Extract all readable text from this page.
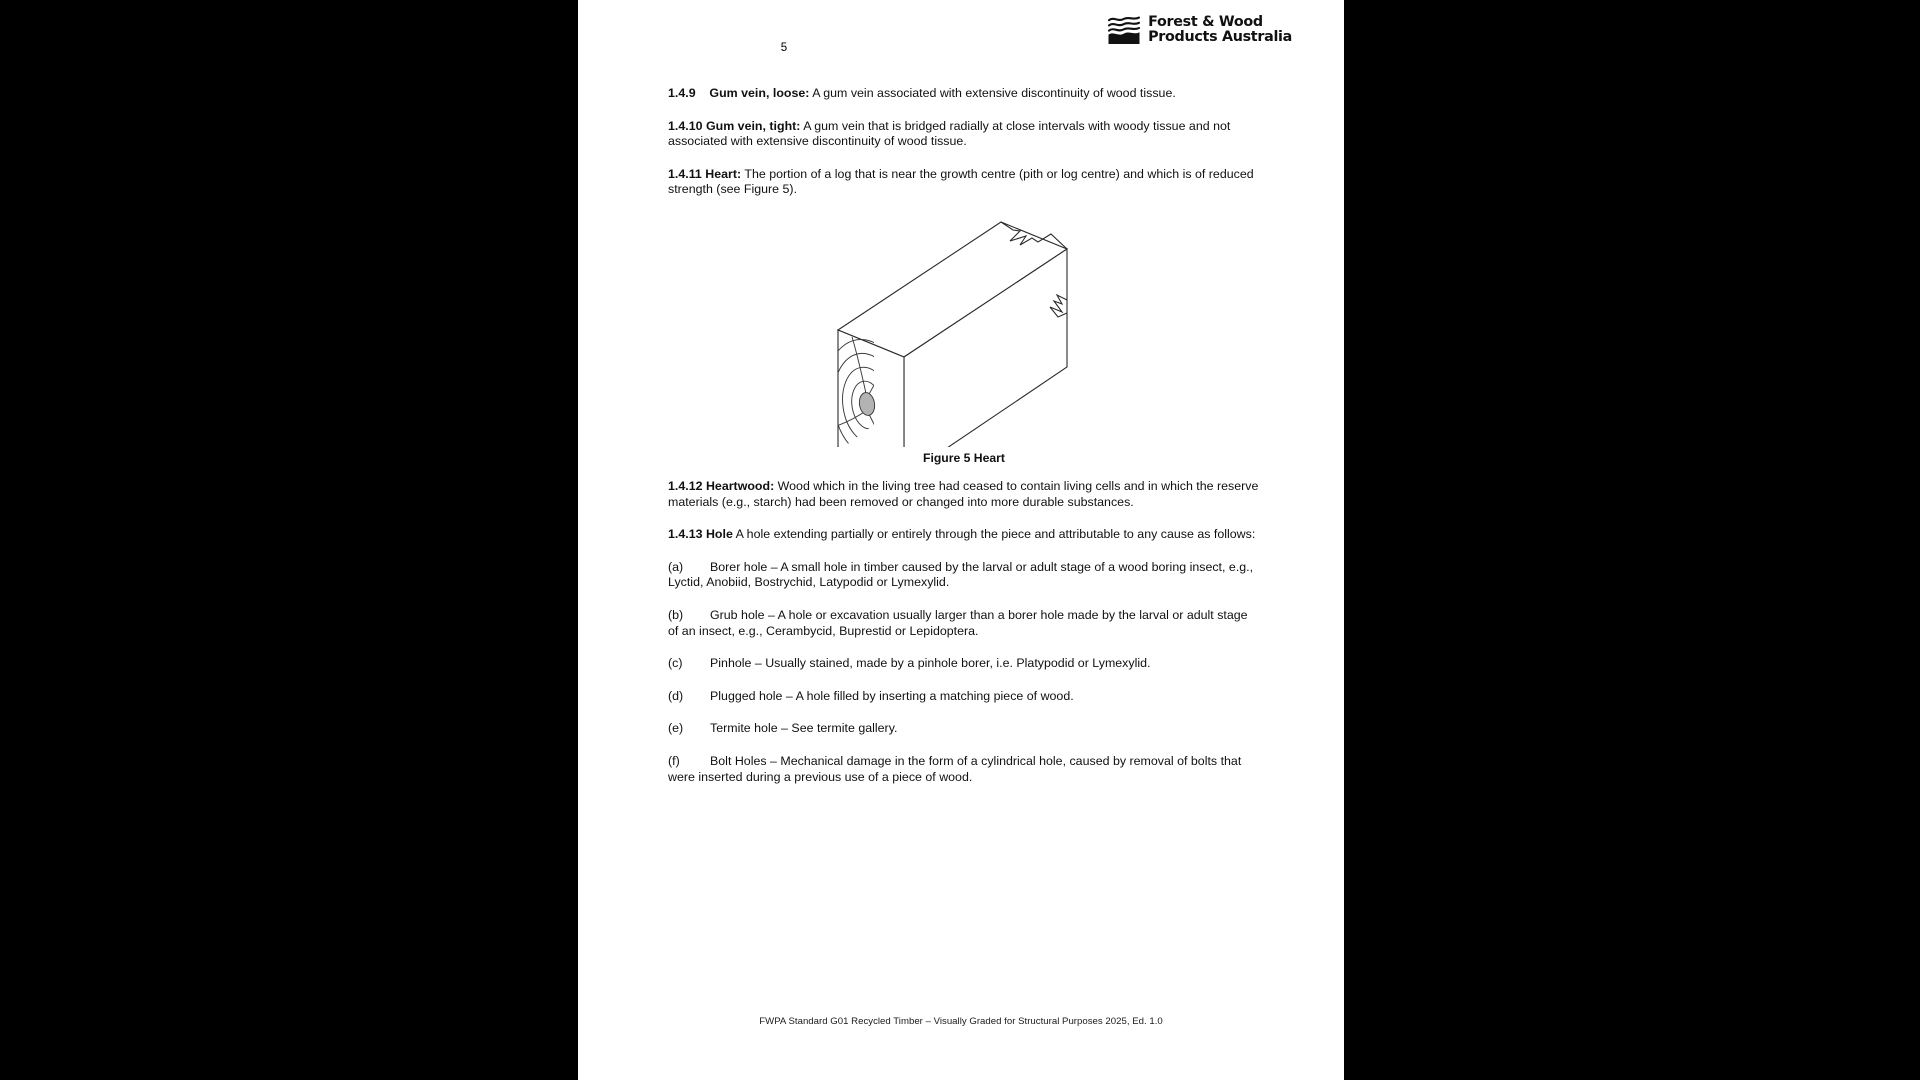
5
Forest & Wood
Products Australia

1.4.9 Gum vein, loose: A gum vein associated with extensive discontinuity of wood tissue.

1.4.10 Gum vein, tight: A gum vein that is bridged radially at close intervals with woody tissue and not associated with extensive discontinuity of wood tissue.

1.4.11 Heart: The portion of a log that is near the growth centre (pith or log centre) and which is of reduced strength (see Figure 5).

Figure 5 Heart

1.4.12 Heartwood: Wood which in the living tree had ceased to contain living cells and in which the reserve materials (e.g., starch) had been removed or changed into more durable substances.

1.4.13 Hole A hole extending partially or entirely through the piece and attributable to any cause as follows:

(a) Borer hole – A small hole in timber caused by the larval or adult stage of a wood boring insect, e.g., Lyctid, Anobiid, Bostrychid, Latypodid or Lymexylid.

(b) Grub hole – A hole or excavation usually larger than a borer hole made by the larval or adult stage of an insect, e.g., Cerambycid, Buprestid or Lepidoptera.

(c) Pinhole – Usually stained, made by a pinhole borer, i.e. Platypodid or Lymexylid.

(d) Plugged hole – A hole filled by inserting a matching piece of wood.

(e) Termite hole – See termite gallery.

(f) Bolt Holes – Mechanical damage in the form of a cylindrical hole, caused by removal of bolts that were inserted during a previous use of a piece of wood.

FWPA Standard G01 Recycled Timber – Visually Graded for Structural Purposes 2025, Ed. 1.0
